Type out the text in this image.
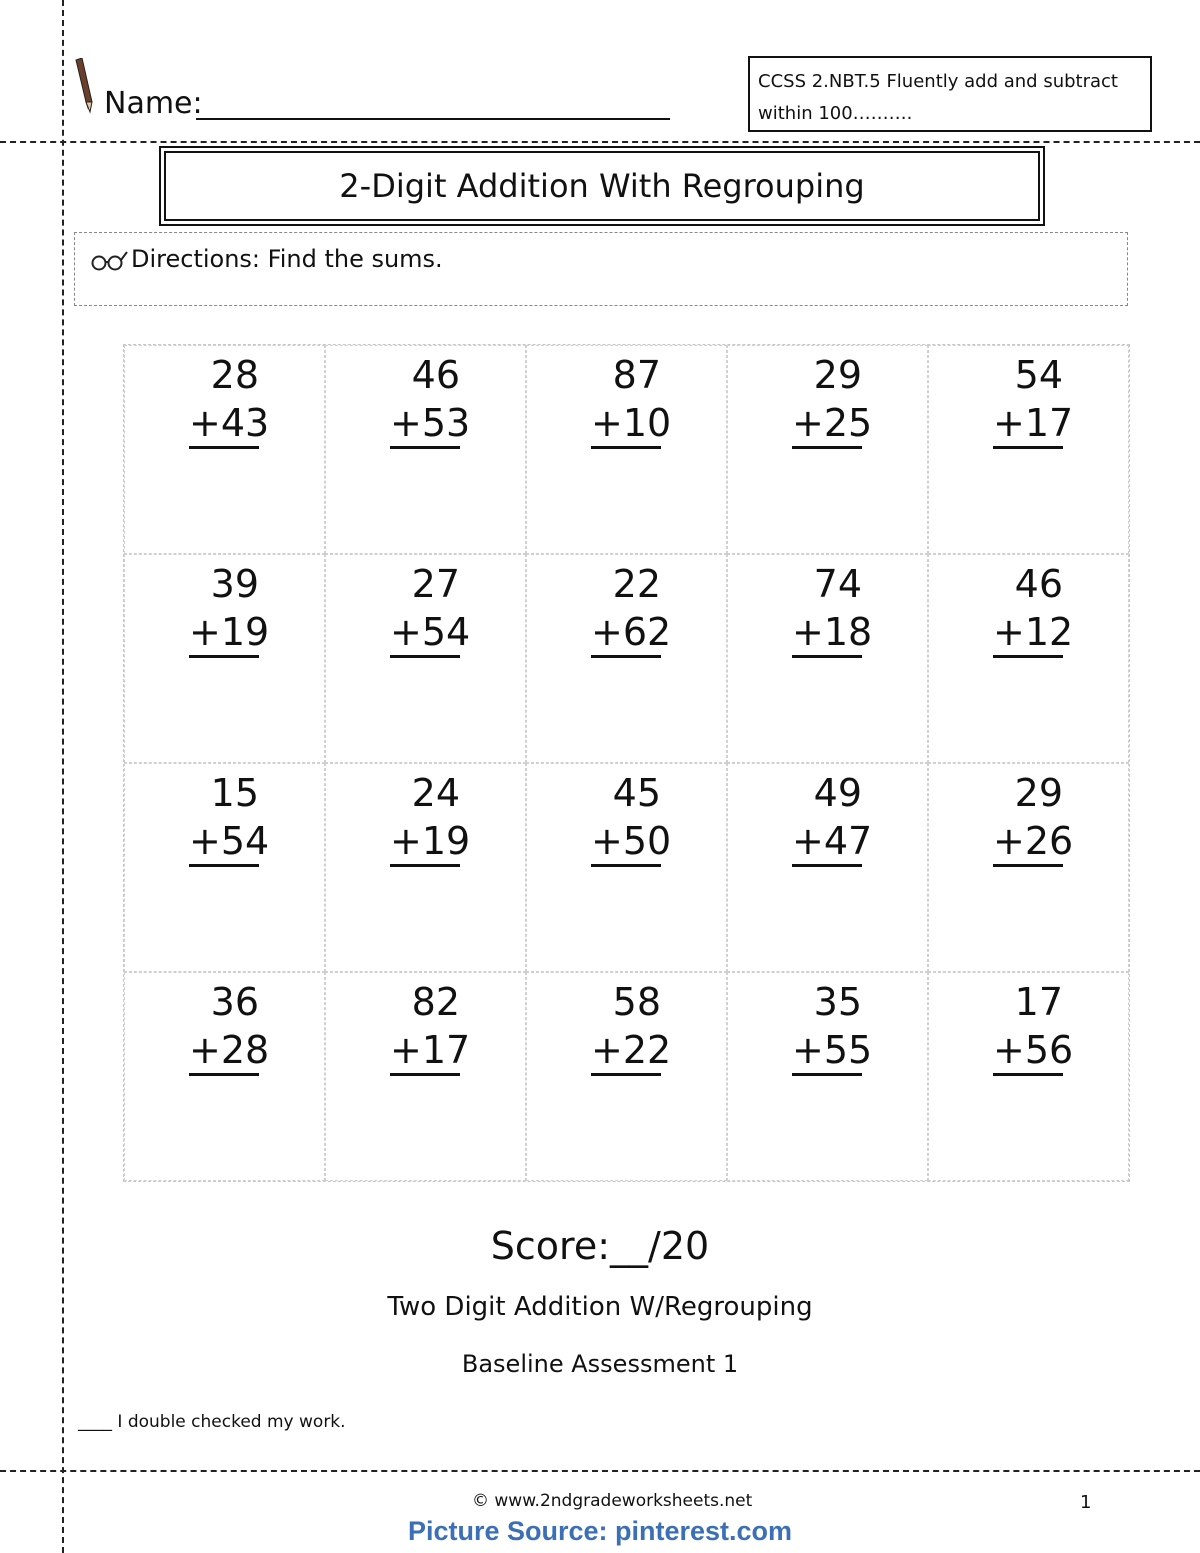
Name:
CCSS 2.NBT.5 Fluently add and subtract
within 100……….
2-Digit Addition With Regrouping
Directions: Find the sums.
28
+43
46
+53
87
+10
29
+25
54
+17
39
+19
27
+54
22
+62
74
+18
46
+12
15
+54
24
+19
45
+50
49
+47
29
+26
36
+28
82
+17
58
+22
35
+55
17
+56
Score:__/20
Two Digit Addition W/Regrouping
Baseline Assessment 1
____ I double checked my work.
© www.2ndgradeworksheets.net	1
Picture Source: pinterest.com
